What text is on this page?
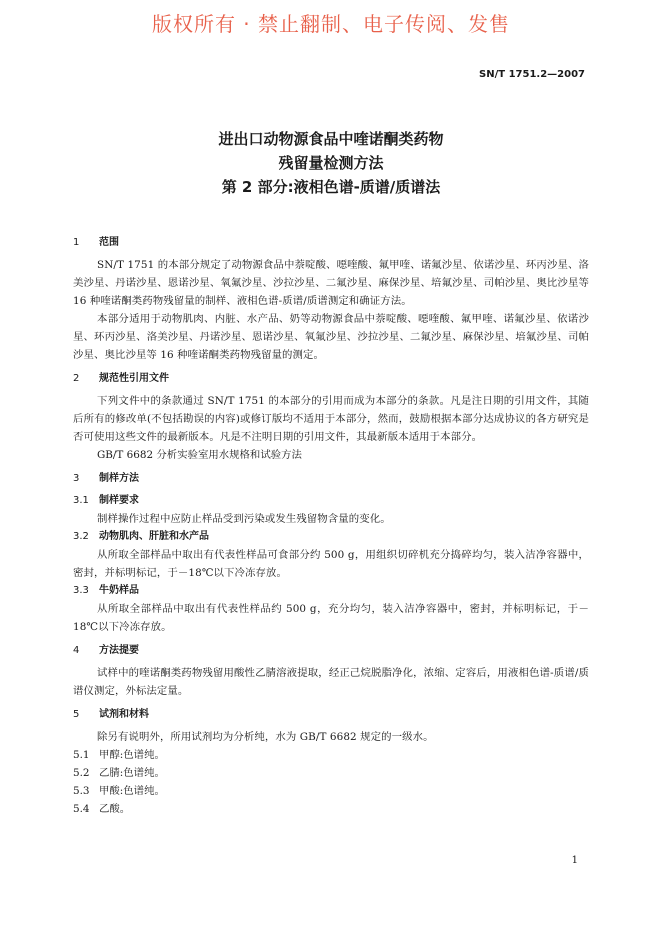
版权所有 · 禁止翻制、电子传阅、发售
SN/T 1751.2—2007
进出口动物源食品中喹诺酮类药物
残留量检测方法
第 2 部分:液相色谱-质谱/质谱法
1 范围
SN/T 1751 的本部分规定了动物源食品中萘啶酸、噁喹酸、氟甲喹、诺氟沙星、依诺沙星、环丙沙星、洛美沙星、丹诺沙星、恩诺沙星、氧氟沙星、沙拉沙星、二氟沙星、麻保沙星、培氟沙星、司帕沙星、奥比沙星等 16 种喹诺酮类药物残留量的制样、液相色谱-质谱/质谱测定和确证方法。
本部分适用于动物肌肉、内脏、水产品、奶等动物源食品中萘啶酸、噁喹酸、氟甲喹、诺氟沙星、依诺沙星、环丙沙星、洛美沙星、丹诺沙星、恩诺沙星、氧氟沙星、沙拉沙星、二氟沙星、麻保沙星、培氟沙星、司帕沙星、奥比沙星等 16 种喹诺酮类药物残留量的测定。
2 规范性引用文件
下列文件中的条款通过 SN/T 1751 的本部分的引用而成为本部分的条款。凡是注日期的引用文件，其随后所有的修改单(不包括勘误的内容)或修订版均不适用于本部分，然而，鼓励根据本部分达成协议的各方研究是否可使用这些文件的最新版本。凡是不注明日期的引用文件，其最新版本适用于本部分。
GB/T 6682 分析实验室用水规格和试验方法
3 制样方法
3.1 制样要求
制样操作过程中应防止样品受到污染或发生残留物含量的变化。
3.2 动物肌肉、肝脏和水产品
从所取全部样品中取出有代表性样品可食部分约 500 g，用组织切碎机充分捣碎均匀，装入洁净容器中，密封，并标明标记，于－18℃以下冷冻存放。
3.3 牛奶样品
从所取全部样品中取出有代表性样品约 500 g，充分均匀，装入洁净容器中，密封，并标明标记，于－18℃以下冷冻存放。
4 方法提要
试样中的喹诺酮类药物残留用酸性乙腈溶液提取，经正己烷脱脂净化，浓缩、定容后，用液相色谱-质谱/质谱仪测定，外标法定量。
5 试剂和材料
除另有说明外，所用试剂均为分析纯，水为 GB/T 6682 规定的一级水。
5.1 甲醇:色谱纯。
5.2 乙腈:色谱纯。
5.3 甲酸:色谱纯。
5.4 乙酸。
1
